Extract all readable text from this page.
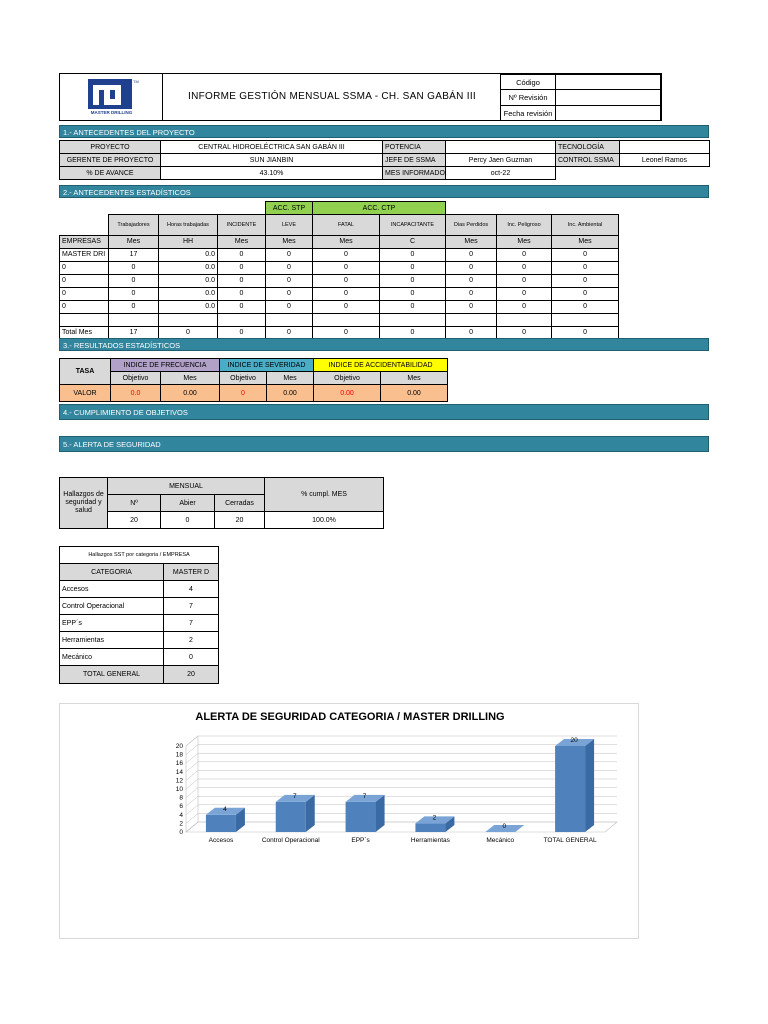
TM
MASTER DRILLING
INFORME GESTIÓN MENSUAL SSMA - CH. SAN GABÁN III
Código	
Nº Revisión	
Fecha revisión	
1.- ANTECEDENTES DEL PROYECTO
PROYECTO	CENTRAL HIDROELÉCTRICA SAN GABÁN III	POTENCIA		TECNOLOGÍA	
GERENTE DE PROYECTO	SUN JIANBIN	JEFE DE SSMA	Percy Jaen Guzman	CONTROL SSMA	Leonel Ramos
% DE AVANCE	43.10%	MES INFORMADO	oct-22		
2.- ANTECEDENTES ESTADÍSTICOS
				ACC. STP	ACC. CTP				
	Trabajadores	Horas trabajadas	INCIDENTE	LEVE	FATAL	INCAPACITANTE	Dias Perdidos	Inc. Peligroso	Inc. Ambiental
EMPRESAS	Mes	HH	Mes	Mes	Mes	C	Mes	Mes	Mes
MASTER DRI	17	0.0	0	0	0	0	0	0	0
0	0	0.0	0	0	0	0	0	0	0
0	0	0.0	0	0	0	0	0	0	0
0	0	0.0	0	0	0	0	0	0	0
0	0	0.0	0	0	0	0	0	0	0

Total Mes	17	0	0	0	0	0	0	0	0
3.- RESULTADOS ESTADÍSTICOS
TASA	INDICE DE FRECUENCIA		INDICE DE SEVERIDAD		INDICE DE ACCIDENTABILIDAD	
	Objetivo	Mes	Objetivo	Mes	Objetivo	Mes
VALOR	0.0	0.00	0	0.00	0.00	0.00
4.- CUMPLIMIENTO DE OBJETIVOS
5.- ALERTA DE SEGURIDAD
Hallazgos de seguridad y salud	MENSUAL			% cumpl. MES
	Nº	Abier	Cerradas	
	20	0	20	100.0%
Hallazgos SST por categoria / EMPRESA	
CATEGORIA	MASTER D
Accesos	4
Control Operacional	7
EPP´s	7
Herramientas	2
Mecánico	0
TOTAL GENERAL	20
ALERTA DE SEGURIDAD CATEGORIA / MASTER DRILLING
0
2
4
6
8
10
12
14
16
18
20
4
Accesos
7
Control Operacional
7
EPP´s
2
Herramientas
0
Mecánico
20
TOTAL GENERAL
